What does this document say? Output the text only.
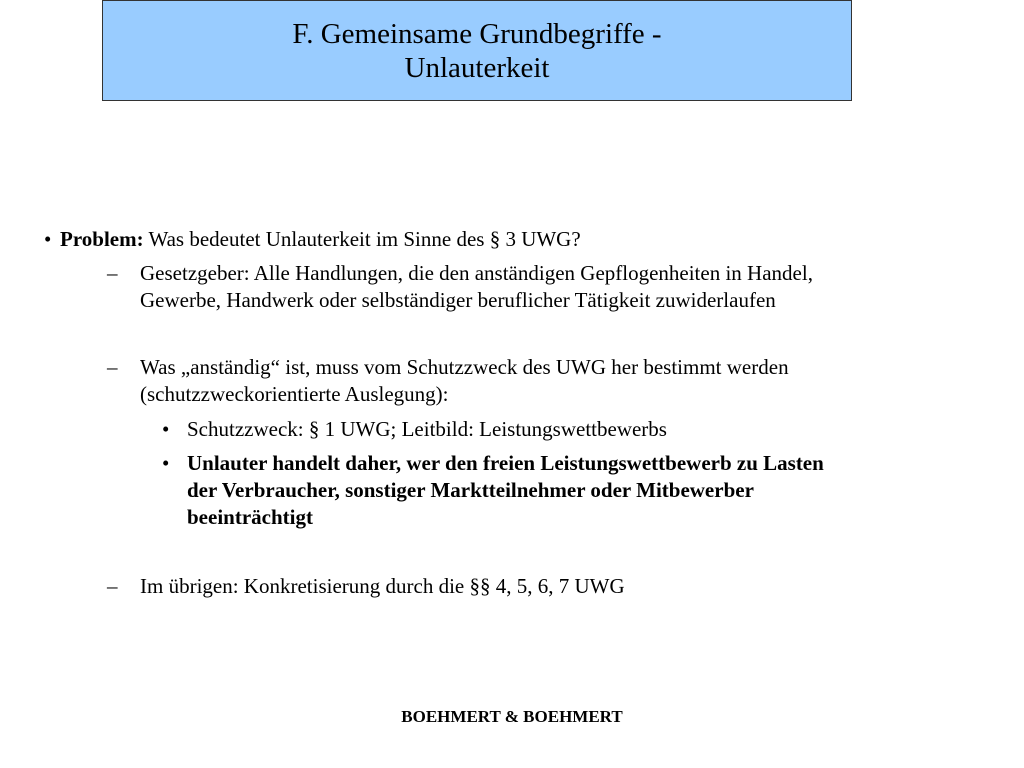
F. Gemeinsame Grundbegriffe -
Unlauterkeit
• Problem: Was bedeutet Unlauterkeit im Sinne des § 3 UWG?
– Gesetzgeber: Alle Handlungen, die den anständigen Gepflogenheiten in Handel,
Gewerbe, Handwerk oder selbständiger beruflicher Tätigkeit zuwiderlaufen
– Was „anständig“ ist, muss vom Schutzzweck des UWG her bestimmt werden
(schutzzweckorientierte Auslegung):
• Schutzzweck: § 1 UWG; Leitbild: Leistungswettbewerbs
• Unlauter handelt daher, wer den freien Leistungswettbewerb zu Lasten
der Verbraucher, sonstiger Marktteilnehmer oder Mitbewerber
beeinträchtigt
– Im übrigen: Konkretisierung durch die §§ 4, 5, 6, 7 UWG
BOEHMERT & BOEHMERT
